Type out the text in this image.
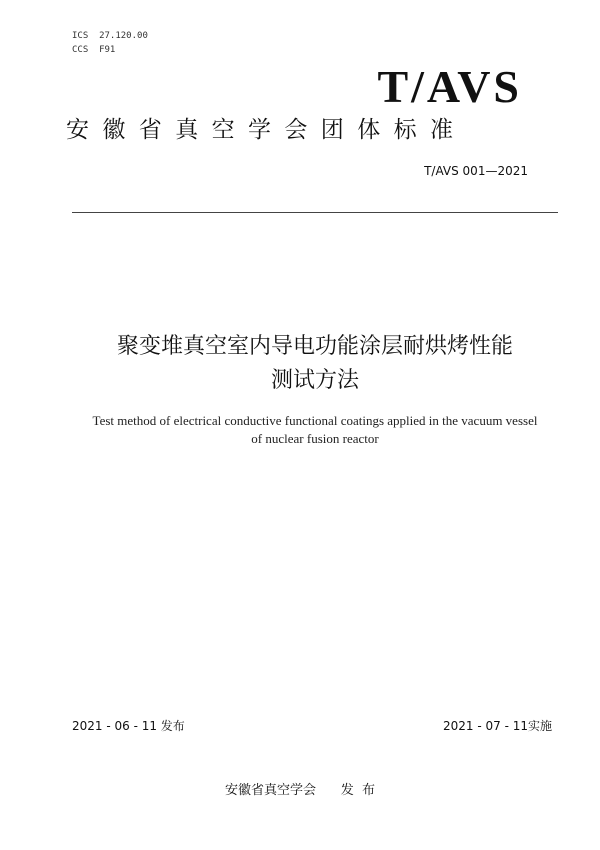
ICS  27.120.00
CCS  F91
T/AVS
安徽省真空学会团体标准
T/AVS 001—2021
聚变堆真空室内导电功能涂层耐烘烤性能
测试方法
Test method of electrical conductive functional coatings applied in the vacuum vessel
of nuclear fusion reactor
2021 - 06 - 11 发布	2021 - 07 - 11实施
安徽省真空学会 发  布
